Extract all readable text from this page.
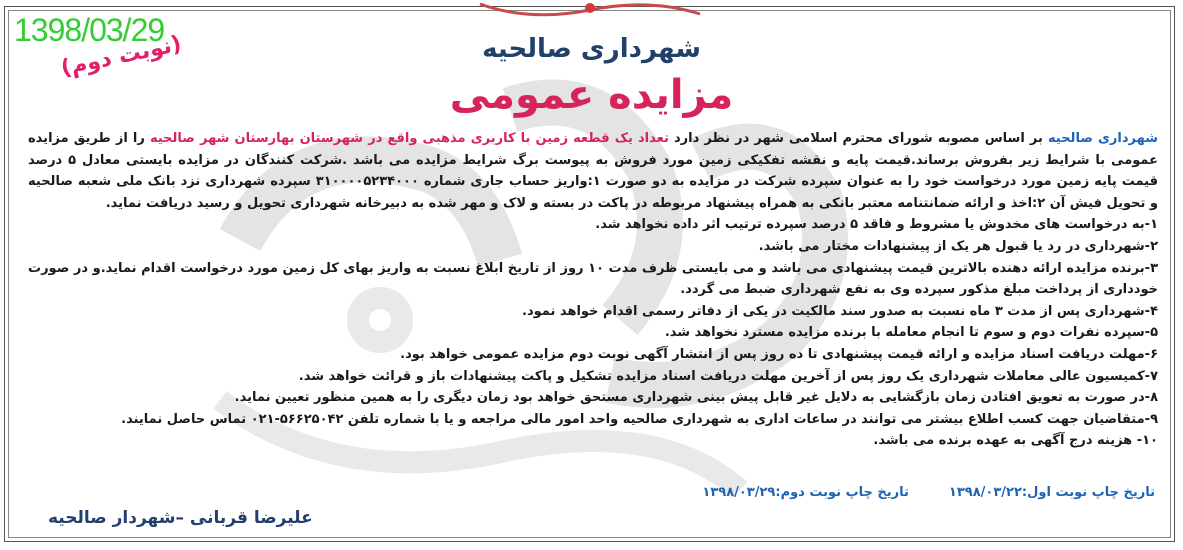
1398/03/29
(نوبت دوم)	شهرداری صالحیه
مزایده عمومی

شهرداری صالحیه بر اساس مصوبه شورای محترم اسلامی شهر در نظر دارد تعداد یک قطعه زمین با کاربری مذهبی واقع در شهرستان بهارستان شهر صالحیه را از طریق مزایده عمومی با شرایط زیر بفروش برساند.قیمت پایه و نقشه تفکیکی زمین مورد فروش به پیوست برگ شرایط مزایده می باشد .شرکت کنندگان در مزایده بایستی معادل ۵ درصد قیمت پایه زمین مورد درخواست خود را به عنوان سپرده شرکت در مزایده به دو صورت ۱:واریز حساب جاری شماره ۳۱۰۰۰۰۵۲۳۴۰۰۰ سپرده شهرداری نزد بانک ملی شعبه صالحیه و تحویل فیش آن ۲:اخذ و ارائه ضمانتنامه معتبر بانکی به همراه پیشنهاد مربوطه در پاکت در بسته و لاک و مهر شده به دبیرخانه شهرداری تحویل و رسید دریافت نماید.

۱-به درخواست های مخدوش یا مشروط و فاقد ۵ درصد سپرده ترتیب اثر داده نخواهد شد.

۲-شهرداری در رد یا قبول هر یک از پیشنهادات مختار می باشد.

۳-برنده مزایده ارائه دهنده بالاترین قیمت پیشنهادی می باشد و می بایستی ظرف مدت ۱۰ روز از تاریخ ابلاغ نسبت به واریز بهای کل زمین مورد درخواست اقدام نماید.و در صورت خودداری از پرداخت مبلغ مذکور سپرده وی به نفع شهرداری ضبط می گردد.

۴-شهرداری پس از مدت ۳ ماه نسبت به صدور سند مالکیت در یکی از دفاتر رسمی اقدام خواهد نمود.

۵-سپرده نفرات دوم و سوم تا انجام معامله با برنده مزایده مسترد نخواهد شد.

۶-مهلت دریافت اسناد مزایده و ارائه قیمت پیشنهادی تا ده روز پس از انتشار آگهی نوبت دوم مزایده عمومی خواهد بود.

۷-کمیسیون عالی معاملات شهرداری یک روز پس از آخرین مهلت دریافت اسناد مزایده تشکیل و پاکت پیشنهادات باز و قرائت خواهد شد.

۸-در صورت به تعویق افتادن زمان بازگشایی به دلایل غیر قابل پیش بینی شهرداری مستحق خواهد بود زمان دیگری را به همین منظور تعیین نماید.

۹-متقاضیان جهت کسب اطلاع بیشتر می توانند در ساعات اداری به شهرداری صالحیه واحد امور مالی مراجعه و یا با شماره تلفن ۵۶۶۲۵۰۴۲-۰۲۱ تماس حاصل نمایند.

۱۰- هزینه درج آگهی به عهده برنده می باشد.

تاریخ چاپ نوبت اول:۱۳۹۸/۰۳/۲۲تاریخ چاپ نوبت دوم:۱۳۹۸/۰۳/۲۹
علیرضا قربانی –شهردار صالحیه
